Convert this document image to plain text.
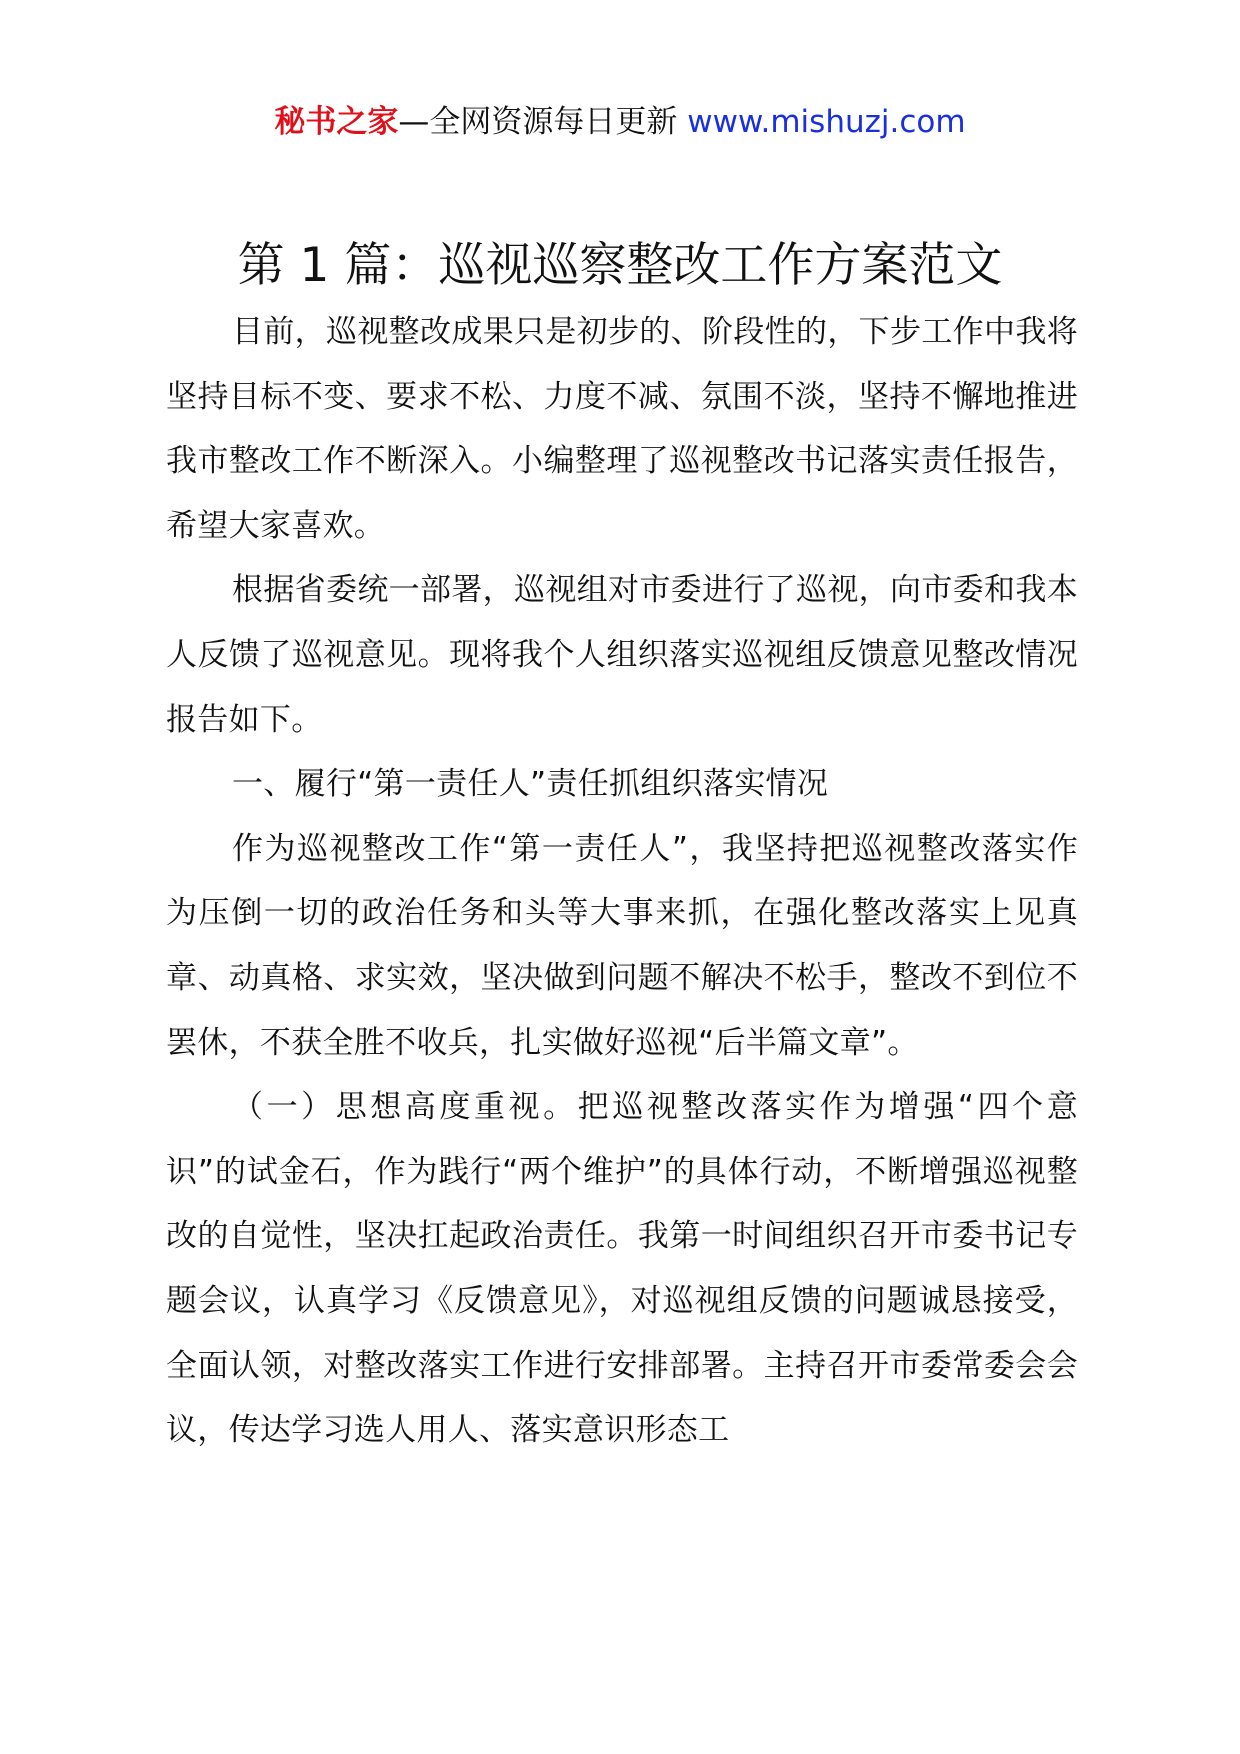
秘书之家—全网资源每日更新 www.mishuzj.com
第 1 篇：巡视巡察整改工作方案范文

目前，巡视整改成果只是初步的、阶段性的，下步工作中我将坚持目标不变、要求不松、力度不减、氛围不淡，坚持不懈地推进我市整改工作不断深入。小编整理了巡视整改书记落实责任报告，希望大家喜欢。

根据省委统一部署，巡视组对市委进行了巡视，向市委和我本人反馈了巡视意见。现将我个人组织落实巡视组反馈意见整改情况报告如下。

一、履行“第一责任人”责任抓组织落实情况

作为巡视整改工作“第一责任人”，我坚持把巡视整改落实作为压倒一切的政治任务和头等大事来抓，在强化整改落实上见真章、动真格、求实效，坚决做到问题不解决不松手，整改不到位不罢休，不获全胜不收兵，扎实做好巡视“后半篇文章”。

（一）思想高度重视。把巡视整改落实作为增强“四个意识”的试金石，作为践行“两个维护”的具体行动，不断增强巡视整改的自觉性，坚决扛起政治责任。我第一时间组织召开市委书记专题会议，认真学习《反馈意见》，对巡视组反馈的问题诚恳接受，全面认领，对整改落实工作进行安排部署。主持召开市委常委会会议，传达学习选人用人、落实意识形态工
